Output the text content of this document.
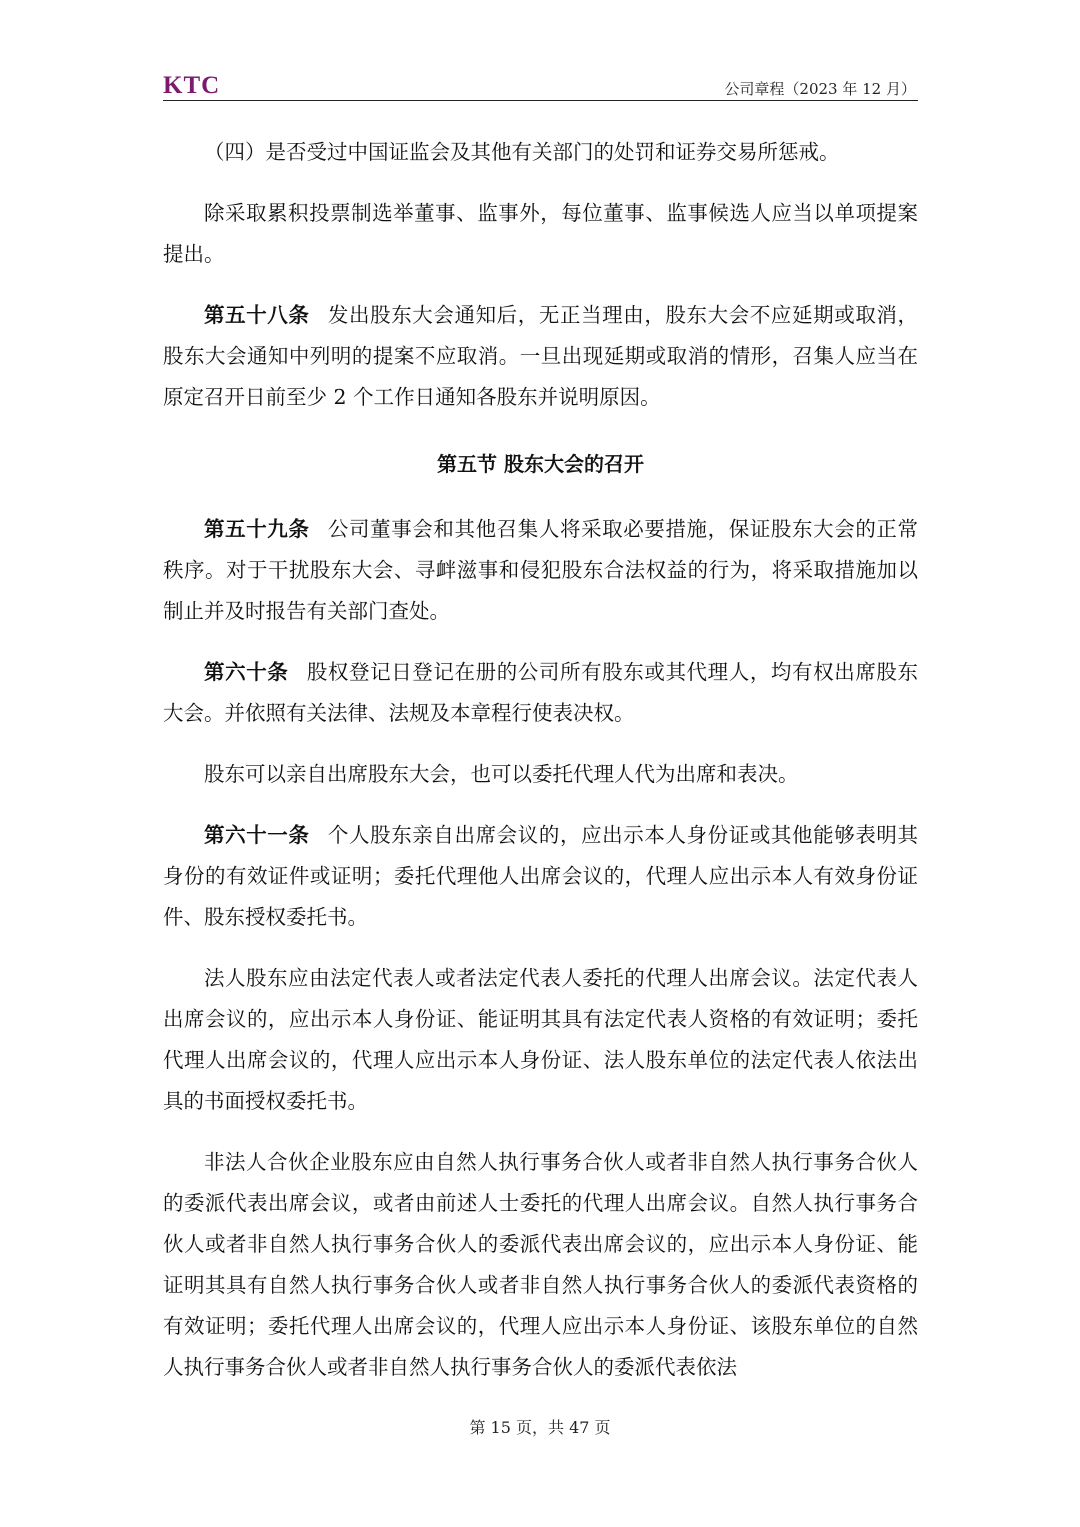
KTC	公司章程（2023 年 12 月）

（四）是否受过中国证监会及其他有关部门的处罚和证券交易所惩戒。

除采取累积投票制选举董事、监事外，每位董事、监事候选人应当以单项提案提出。

第五十八条 发出股东大会通知后，无正当理由，股东大会不应延期或取消，股东大会通知中列明的提案不应取消。一旦出现延期或取消的情形，召集人应当在原定召开日前至少 2 个工作日通知各股东并说明原因。

第五节 股东大会的召开

第五十九条 公司董事会和其他召集人将采取必要措施，保证股东大会的正常秩序。对于干扰股东大会、寻衅滋事和侵犯股东合法权益的行为，将采取措施加以制止并及时报告有关部门查处。

第六十条 股权登记日登记在册的公司所有股东或其代理人，均有权出席股东大会。并依照有关法律、法规及本章程行使表决权。

股东可以亲自出席股东大会，也可以委托代理人代为出席和表决。

第六十一条 个人股东亲自出席会议的，应出示本人身份证或其他能够表明其身份的有效证件或证明；委托代理他人出席会议的，代理人应出示本人有效身份证件、股东授权委托书。

法人股东应由法定代表人或者法定代表人委托的代理人出席会议。法定代表人出席会议的，应出示本人身份证、能证明其具有法定代表人资格的有效证明；委托代理人出席会议的，代理人应出示本人身份证、法人股东单位的法定代表人依法出具的书面授权委托书。

非法人合伙企业股东应由自然人执行事务合伙人或者非自然人执行事务合伙人的委派代表出席会议，或者由前述人士委托的代理人出席会议。自然人执行事务合伙人或者非自然人执行事务合伙人的委派代表出席会议的，应出示本人身份证、能证明其具有自然人执行事务合伙人或者非自然人执行事务合伙人的委派代表资格的有效证明；委托代理人出席会议的，代理人应出示本人身份证、该股东单位的自然人执行事务合伙人或者非自然人执行事务合伙人的委派代表依法

第 15 页，共 47 页
